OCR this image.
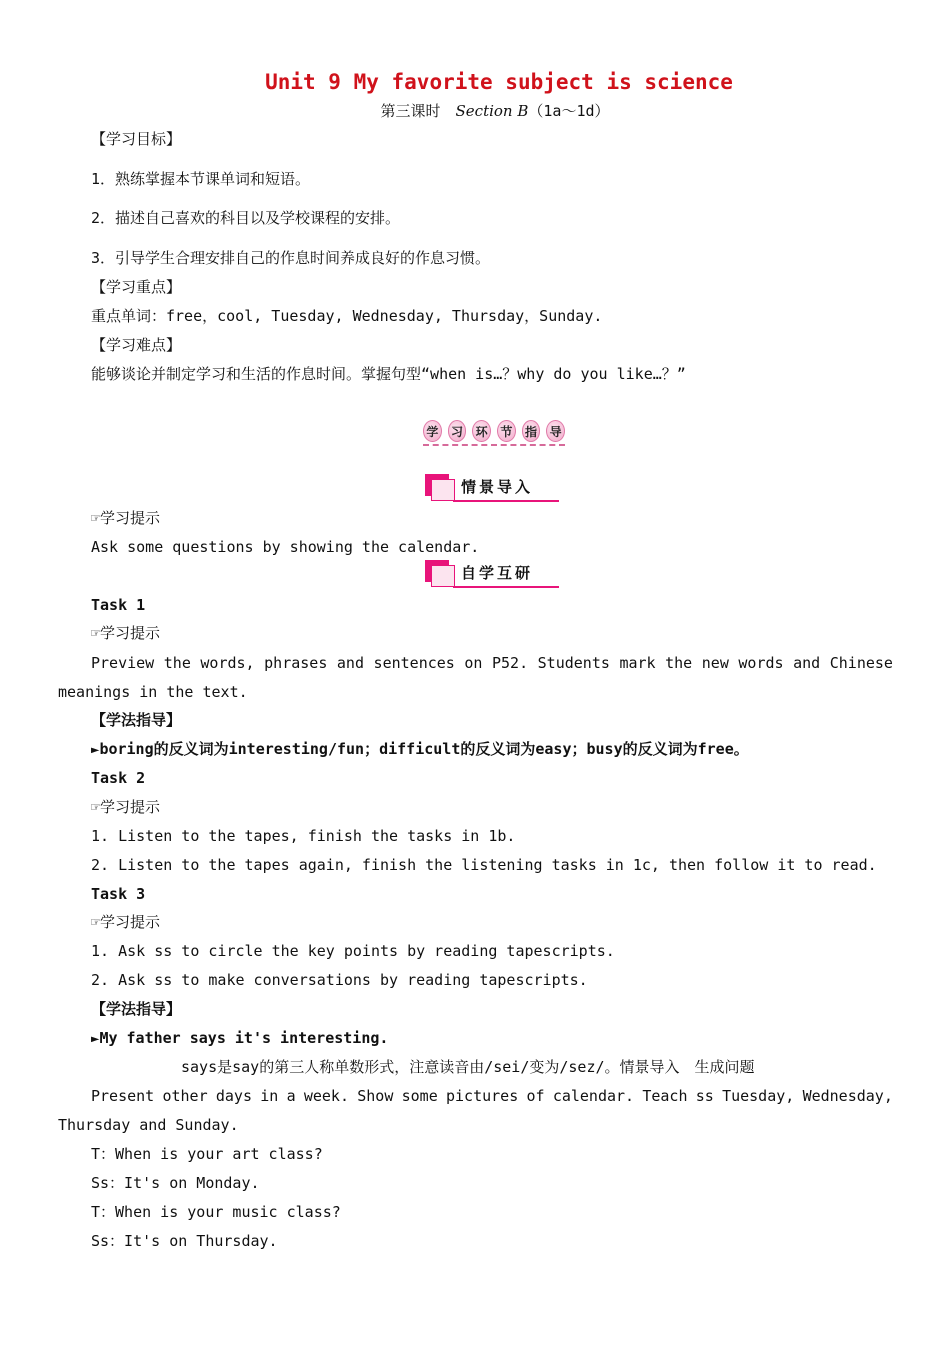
Unit 9 My favorite subject is science
第三课时　 Section B（1a～1d）
【学习目标】
1．熟练掌握本节课单词和短语。
2．描述自己喜欢的科目以及学校课程的安排。
3．引导学生合理安排自己的作息时间养成良好的作息习惯。
【学习重点】
重点单词：free，cool, Tuesday, Wednesday, Thursday，Sunday.
【学习难点】
能够谈论并制定学习和生活的作息时间。掌握句型“when is…？why do you like…？”
学 习 环 节 指 导
情景导入
☞学习提示
Ask some questions by showing the calendar.
自学互研
Task 1
☞学习提示
Preview the words, phrases and sentences on P52. Students mark the new words and Chinese
meanings in the text.
【学法指导】
►boring的反义词为interesting/fun；difficult的反义词为easy；busy的反义词为free。
Task 2
☞学习提示
1. Listen to the tapes, finish the tasks in 1b.
2. Listen to the tapes again, finish the listening tasks in 1c, then follow it to read.
Task 3
☞学习提示
1. Ask ss to circle the key points by reading tapescripts.
2. Ask ss to make conversations by reading tapescripts.
【学法指导】
►My father says it's interesting.
says是say的第三人称单数形式，注意读音由/sei/变为/sez/。情景导入　生成问题
Present other days in a week. Show some pictures of calendar. Teach ss Tuesday, Wednesday,
Thursday and Sunday.
T：When is your art class?
Ss：It's on Monday.
T：When is your music class?
Ss：It's on Thursday.
